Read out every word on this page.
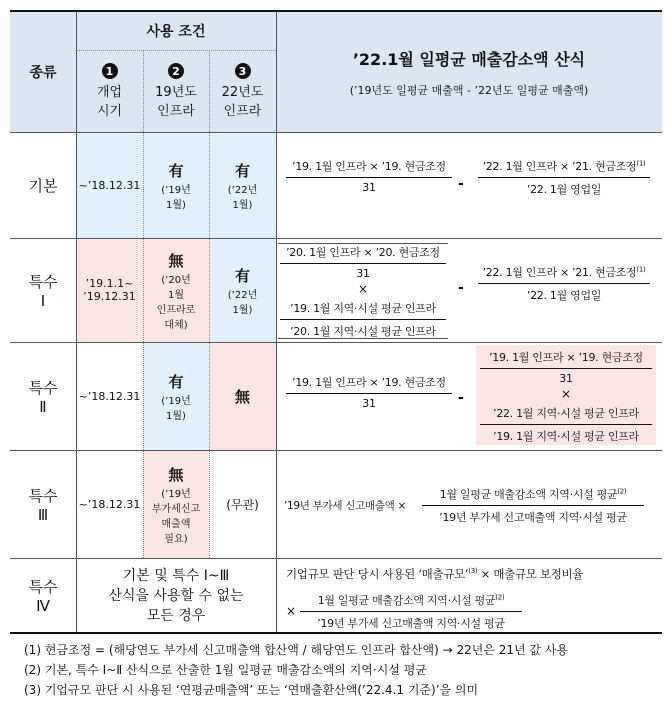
종류
사용 조건
1
개업
시기
2
19년도
인프라
3
22년도
인프라
’22.1월 일평균 매출감소액 산식
(’19년도 일평균 매출액 - ’22년도 일평균 매출액)
~’18.12.31
有
(’19년
1월)
有
(’22년
1월)
’19.1.1~
’19.12.31
無
(’20년
1월
인프라로
대체)
有
(’22년
1월)
~’18.12.31
有
(’19년
1월)
無
~’18.12.31
無
(’19년
부가세신고
매출액
필요)
(무관)
기본
특수
Ⅰ
특수
Ⅱ
특수
Ⅲ
특수
Ⅳ
기본 및 특수 Ⅰ~Ⅲ
산식을 사용할 수 없는
모든 경우
’19. 1월 인프라 × ’19. 현금조정
31	-
’22. 1월 인프라 × ’21. 현금조정$^{(1)}$
’22. 1월 영업일
’20. 1월 인프라 × ’20. 현금조정
31
×
’19. 1월 지역·시설 평균 인프라
’20. 1월 지역·시설 평균 인프라
-
’22. 1월 인프라 × ’21. 현금조정$^{(1)}$
’22. 1월 영업일
’19. 1월 인프라 × ’19. 현금조정
31	-
’19. 1월 인프라 × ’19. 현금조정
31
×
’22. 1월 지역·시설 평균 인프라
’19. 1월 지역·시설 평균 인프라
’19년 부가세 신고매출액 ×
1월 일평균 매출감소액 지역·시설 평균$^{(2)}$
’19년 부가세 신고매출액 지역·시설 평균
기업규모 판단 당시 사용된 ‘매출규모’$^{(3)}$ × 매출규모 보정비율
×
1월 일평균 매출감소액 지역·시설 평균$^{(2)}$
’19년 부가세 신고매출액 지역·시설 평균
(1) 현금조정 = (해당연도 부가세 신고매출액 합산액 / 해당연도 인프라 합산액) → 22년은 21년 값 사용
(2) 기본, 특수 Ⅰ~Ⅱ 산식으로 산출한 1월 일평균 매출감소액의 지역·시설 평균
(3) 기업규모 판단 시 사용된 ‘연평균매출액’ 또는 ‘연매출환산액(’22.4.1 기준)’을 의미
